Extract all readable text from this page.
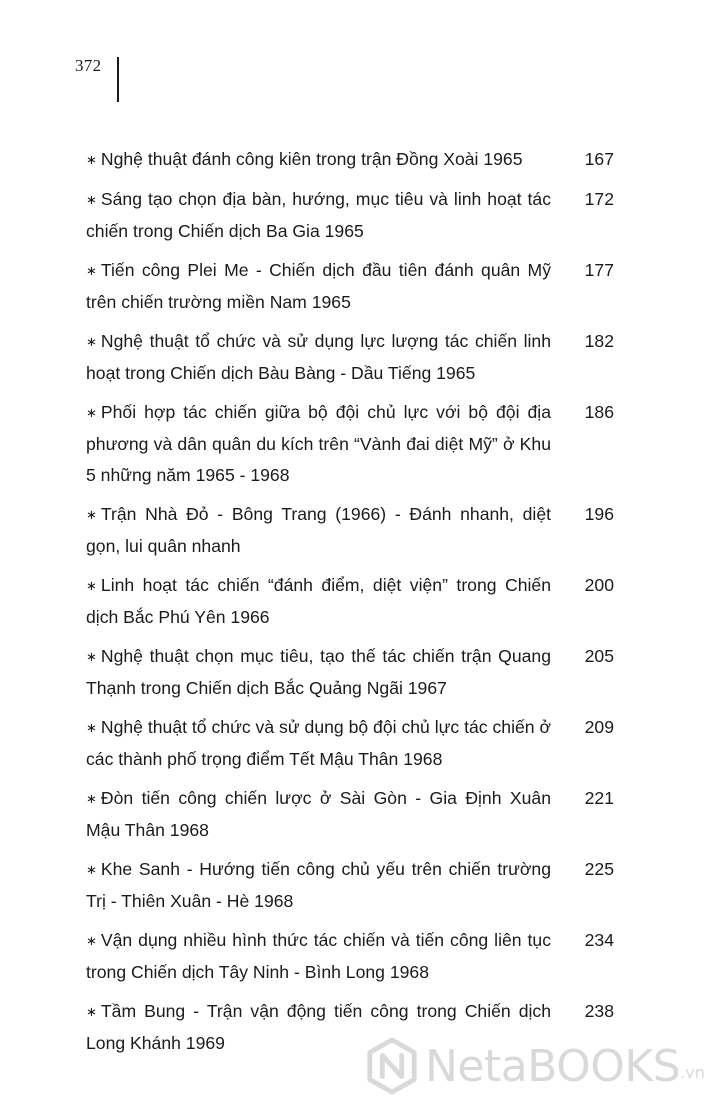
372
∗ Nghệ thuật đánh công kiên trong trận Đồng Xoài 1965	167
∗ Sáng tạo chọn địa bàn, hướng, mục tiêu và linh hoạt tác chiến trong Chiến dịch Ba Gia 1965
172
∗ Tiến công Plei Me - Chiến dịch đầu tiên đánh quân Mỹ trên chiến trường miền Nam 1965
177
∗ Nghệ thuật tổ chức và sử dụng lực lượng tác chiến linh hoạt trong Chiến dịch Bàu Bàng - Dầu Tiếng 1965
182
∗ Phối hợp tác chiến giữa bộ đội chủ lực với bộ đội địa phương và dân quân du kích trên “Vành đai diệt Mỹ” ở Khu 5 những năm 1965 - 1968
186
∗ Trận Nhà Đỏ - Bông Trang (1966) - Đánh nhanh, diệt gọn, lui quân nhanh
196
∗ Linh hoạt tác chiến “đánh điểm, diệt viện” trong Chiến dịch Bắc Phú Yên 1966
200
∗ Nghệ thuật chọn mục tiêu, tạo thế tác chiến trận Quang Thạnh trong Chiến dịch Bắc Quảng Ngãi 1967
205
∗ Nghệ thuật tổ chức và sử dụng bộ đội chủ lực tác chiến ở các thành phố trọng điểm Tết Mậu Thân 1968
209
∗ Đòn tiến công chiến lược ở Sài Gòn - Gia Định Xuân Mậu Thân 1968
221
∗ Khe Sanh - Hướng tiến công chủ yếu trên chiến trường Trị - Thiên Xuân - Hè 1968
225
∗ Vận dụng nhiều hình thức tác chiến và tiến công liên tục trong Chiến dịch Tây Ninh - Bình Long 1968
234
∗ Tầm Bung - Trận vận động tiến công trong Chiến dịch Long Khánh 1969
238
NetaBOOKS .vn
